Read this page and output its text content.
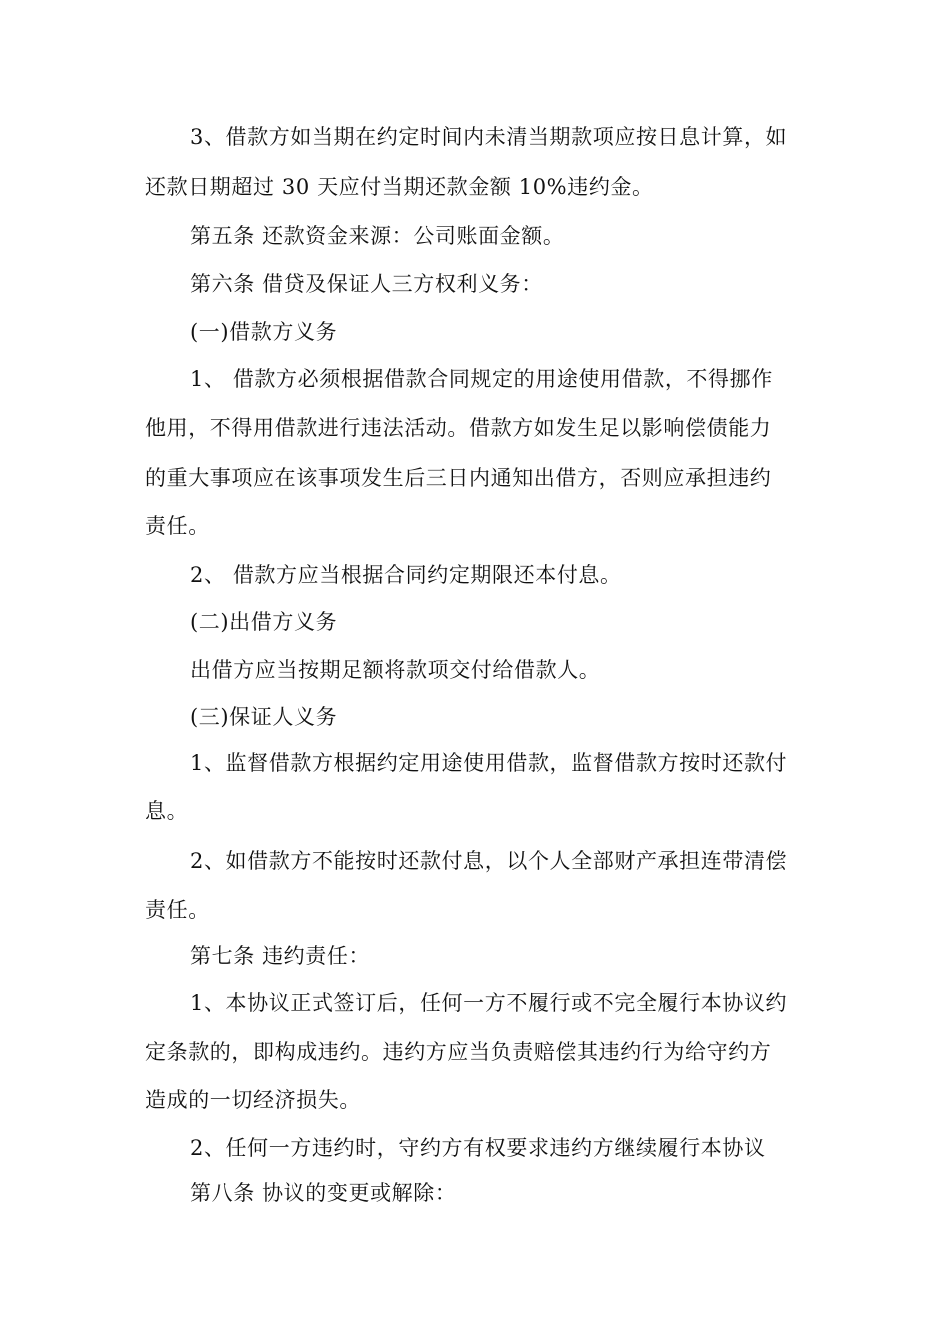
3、借款方如当期在约定时间内未清当期款项应按日息计算，如
还款日期超过 30 天应付当期还款金额 10%违约金。
第五条 还款资金来源：公司账面金额。
第六条 借贷及保证人三方权利义务：
(一)借款方义务
1、 借款方必须根据借款合同规定的用途使用借款，不得挪作
他用，不得用借款进行违法活动。借款方如发生足以影响偿债能力
的重大事项应在该事项发生后三日内通知出借方，否则应承担违约
责任。
2、 借款方应当根据合同约定期限还本付息。
(二)出借方义务
出借方应当按期足额将款项交付给借款人。
(三)保证人义务
1、监督借款方根据约定用途使用借款，监督借款方按时还款付
息。
2、如借款方不能按时还款付息，以个人全部财产承担连带清偿
责任。
第七条 违约责任：
1、本协议正式签订后，任何一方不履行或不完全履行本协议约
定条款的，即构成违约。违约方应当负责赔偿其违约行为给守约方
造成的一切经济损失。
2、任何一方违约时，守约方有权要求违约方继续履行本协议
第八条 协议的变更或解除：
